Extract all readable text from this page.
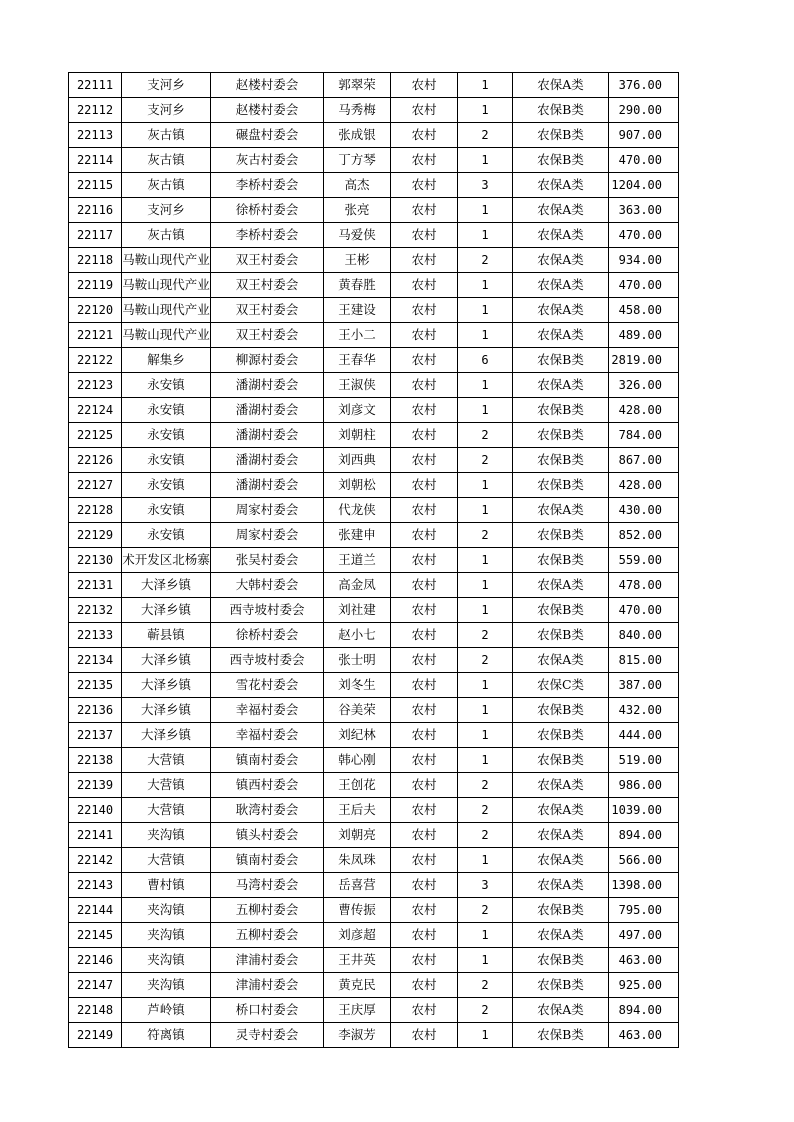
22111	支河乡	赵楼村委会	郭翠荣	农村	1	农保A类	376.00
22112	支河乡	赵楼村委会	马秀梅	农村	1	农保B类	290.00
22113	灰古镇	碾盘村委会	张成银	农村	2	农保B类	907.00
22114	灰古镇	灰古村委会	丁方琴	农村	1	农保B类	470.00
22115	灰古镇	李桥村委会	高杰	农村	3	农保A类	1204.00
22116	支河乡	徐桥村委会	张亮	农村	1	农保A类	363.00
22117	灰古镇	李桥村委会	马爱侠	农村	1	农保A类	470.00
22118	马鞍山现代产业	双王村委会	王彬	农村	2	农保A类	934.00
22119	马鞍山现代产业	双王村委会	黄春胜	农村	1	农保A类	470.00
22120	马鞍山现代产业	双王村委会	王建设	农村	1	农保A类	458.00
22121	马鞍山现代产业	双王村委会	王小二	农村	1	农保A类	489.00
22122	解集乡	柳源村委会	王春华	农村	6	农保B类	2819.00
22123	永安镇	潘湖村委会	王淑侠	农村	1	农保A类	326.00
22124	永安镇	潘湖村委会	刘彦文	农村	1	农保B类	428.00
22125	永安镇	潘湖村委会	刘朝柱	农村	2	农保B类	784.00
22126	永安镇	潘湖村委会	刘西典	农村	2	农保B类	867.00
22127	永安镇	潘湖村委会	刘朝松	农村	1	农保B类	428.00
22128	永安镇	周家村委会	代龙侠	农村	1	农保A类	430.00
22129	永安镇	周家村委会	张建申	农村	2	农保B类	852.00
22130	术开发区北杨寨	张吴村委会	王道兰	农村	1	农保B类	559.00
22131	大泽乡镇	大韩村委会	高金凤	农村	1	农保A类	478.00
22132	大泽乡镇	西寺坡村委会	刘社建	农村	1	农保B类	470.00
22133	蕲县镇	徐桥村委会	赵小七	农村	2	农保B类	840.00
22134	大泽乡镇	西寺坡村委会	张士明	农村	2	农保A类	815.00
22135	大泽乡镇	雪花村委会	刘冬生	农村	1	农保C类	387.00
22136	大泽乡镇	幸福村委会	谷美荣	农村	1	农保B类	432.00
22137	大泽乡镇	幸福村委会	刘纪林	农村	1	农保B类	444.00
22138	大营镇	镇南村委会	韩心刚	农村	1	农保B类	519.00
22139	大营镇	镇西村委会	王创花	农村	2	农保A类	986.00
22140	大营镇	耿湾村委会	王后夫	农村	2	农保A类	1039.00
22141	夹沟镇	镇头村委会	刘朝亮	农村	2	农保A类	894.00
22142	大营镇	镇南村委会	朱凤珠	农村	1	农保A类	566.00
22143	曹村镇	马湾村委会	岳喜营	农村	3	农保A类	1398.00
22144	夹沟镇	五柳村委会	曹传振	农村	2	农保B类	795.00
22145	夹沟镇	五柳村委会	刘彦超	农村	1	农保A类	497.00
22146	夹沟镇	津浦村委会	王井英	农村	1	农保B类	463.00
22147	夹沟镇	津浦村委会	黄克民	农村	2	农保B类	925.00
22148	芦岭镇	桥口村委会	王庆厚	农村	2	农保A类	894.00
22149	符离镇	灵寺村委会	李淑芳	农村	1	农保B类	463.00
